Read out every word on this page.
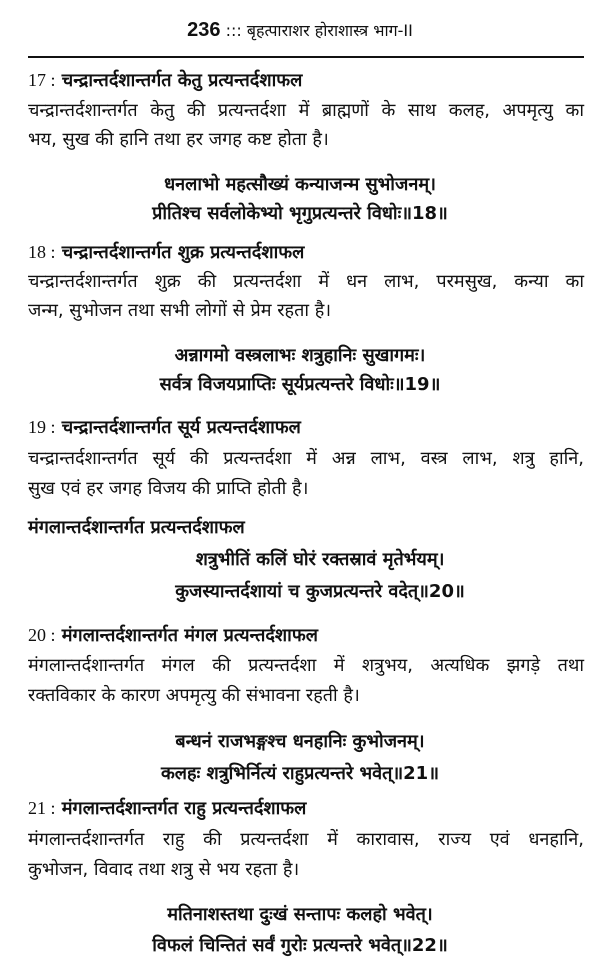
236 ::: बृहत्पाराशर होराशास्त्र भाग-II
17 : चन्द्रान्तर्दशान्तर्गत केतु प्रत्यन्तर्दशाफल
चन्द्रान्तर्दशान्तर्गत केतु की प्रत्यन्तर्दशा में ब्राह्मणों के साथ कलह, अपमृत्यु का
भय, सुख की हानि तथा हर जगह कष्ट होता है।
धनलाभो महत्सौख्यं कन्याजन्म सुभोजनम्।
प्रीतिश्च सर्वलोकेभ्यो भृगुप्रत्यन्तरे विधोः॥18॥
18 : चन्द्रान्तर्दशान्तर्गत शुक्र प्रत्यन्तर्दशाफल
चन्द्रान्तर्दशान्तर्गत शुक्र की प्रत्यन्तर्दशा में धन लाभ, परमसुख, कन्या का
जन्म, सुभोजन तथा सभी लोगों से प्रेम रहता है।
अन्नागमो वस्त्रलाभः शत्रुहानिः सुखागमः।
सर्वत्र विजयप्राप्तिः सूर्यप्रत्यन्तरे विधोः॥19॥
19 : चन्द्रान्तर्दशान्तर्गत सूर्य प्रत्यन्तर्दशाफल
चन्द्रान्तर्दशान्तर्गत सूर्य की प्रत्यन्तर्दशा में अन्न लाभ, वस्त्र लाभ, शत्रु हानि,
सुख एवं हर जगह विजय की प्राप्ति होती है।
मंगलान्तर्दशान्तर्गत प्रत्यन्तर्दशाफल
शत्रुभीतिं कलिं घोरं रक्तस्रावं मृतेर्भयम्।
कुजस्यान्तर्दशायां च कुजप्रत्यन्तरे वदेत्॥20॥
20 : मंगलान्तर्दशान्तर्गत मंगल प्रत्यन्तर्दशाफल
मंगलान्तर्दशान्तर्गत मंगल की प्रत्यन्तर्दशा में शत्रुभय, अत्यधिक झगड़े तथा
रक्तविकार के कारण अपमृत्यु की संभावना रहती है।
बन्धनं राजभङ्गश्च धनहानिः कुभोजनम्।
कलहः शत्रुभिर्नित्यं राहुप्रत्यन्तरे भवेत्॥21॥
21 : मंगलान्तर्दशान्तर्गत राहु प्रत्यन्तर्दशाफल
मंगलान्तर्दशान्तर्गत राहु की प्रत्यन्तर्दशा में कारावास, राज्य एवं धनहानि,
कुभोजन, विवाद तथा शत्रु से भय रहता है।
मतिनाशस्तथा दुःखं सन्तापः कलहो भवेत्।
विफलं चिन्तितं सर्वं गुरोः प्रत्यन्तरे भवेत्॥22॥
